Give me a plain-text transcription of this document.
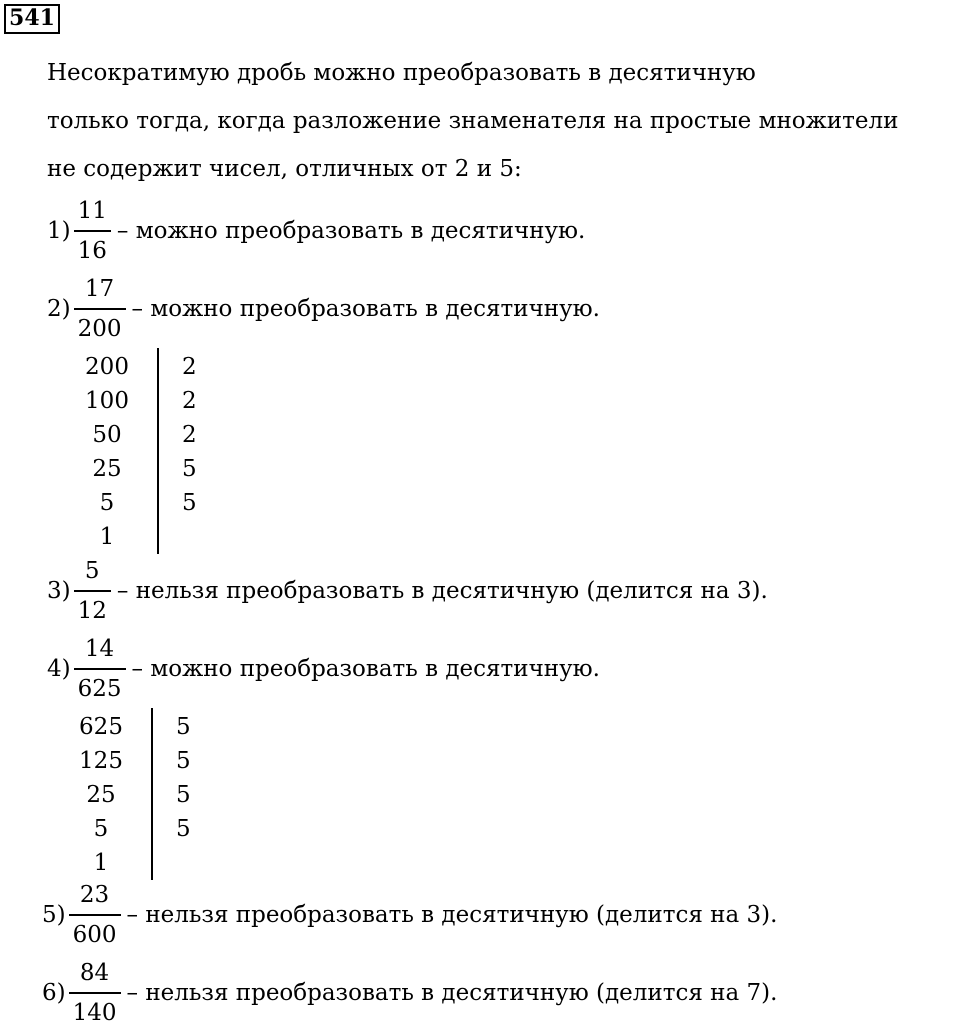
541
Несократимую дробь можно преобразовать в десятичную
только тогда, когда разложение знаменателя на простые множители
не содержит чисел, отличных от 2 и 5:
$1) \frac{11}{16}$ – можно преобразовать в десятичную.
$2) \frac{17}{200}$ – можно преобразовать в десятичную.
200	2
100	2
50	2
25	5
5	5
1
$3) \frac{5}{12}$ – нельзя преобразовать в десятичную (делится на 3).
$4) \frac{14}{625}$ – можно преобразовать в десятичную.
625	5
125	5
25	5
5	5
1
$5) \frac{23}{600}$ – нельзя преобразовать в десятичную (делится на 3).
$6) \frac{84}{140}$ – нельзя преобразовать в десятичную (делится на 7).
